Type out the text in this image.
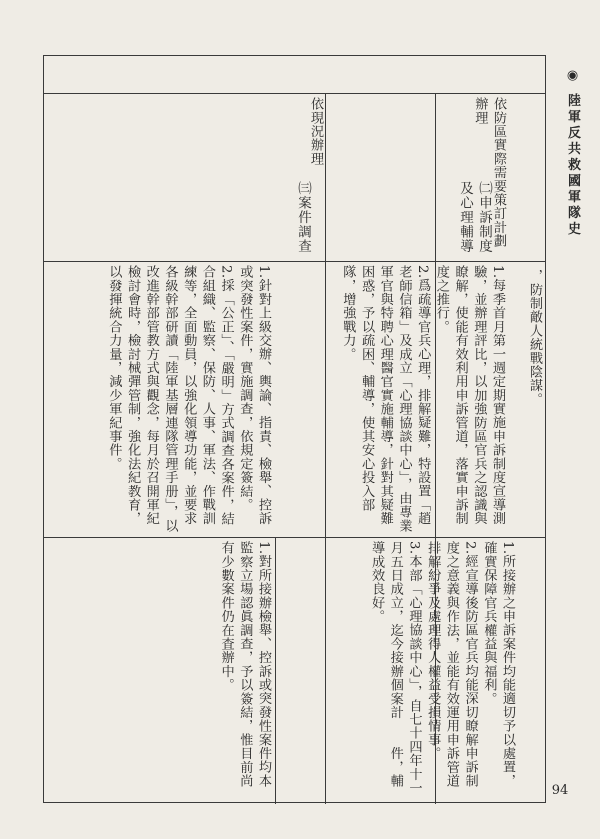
◉ 陸軍反共救國軍隊史
94

依防區實際需要策訂計劃辦理

依現況辦理

，防制敵人統戰陰謀。

㈡申訴制度及心理輔導

㈢案件調查

1.每季首月第一週定期實施申訴制度宣導測驗，並辦理評比，以加強防區官兵之認識與瞭解，使能有效利用申訴管道，落實申訴制度之推行。

2.爲疏導官兵心理，排解疑難，特設置「趙老師信箱」及成立「心理協談中心」，由專業軍官與特聘心理醫官實施輔導，針對其疑難困惑，予以疏困、輔導，使其安心投入部隊，增強戰力。

1.針對上級交辦、輿論、指責、檢舉、控訴或突發性案件，實施調查，依規定簽結。

2.採「公正」、「嚴明」方式調查各案件，結合組織、監察、保防、人事、軍法、作戰訓練等，全面動員，以強化領導功能，並要求各級幹部研讀「陸軍基層連隊管理手册」，以改進幹部管教方式與觀念，每月於召開軍紀檢討會時，檢討械彈管制，強化法紀教育，以發揮統合力量，減少軍紀事件。

1.所接辦之申訴案件均能適切予以處置，確實保障官兵權益與福利。

2.經宣導後防區官兵均能深切瞭解申訴制度之意義與作法，並能有效運用申訴管道排解紛爭及處理得人權益受損情事。

3.本部「心理協談中心」，自七十四年十一月五日成立，迄今接辦個案計　　件，輔導成效良好。

1.對所接辦檢舉、控訴或突發性案件均本監察立場認眞調查，予以簽結，惟目前尚有少數案件仍在査辦中。
